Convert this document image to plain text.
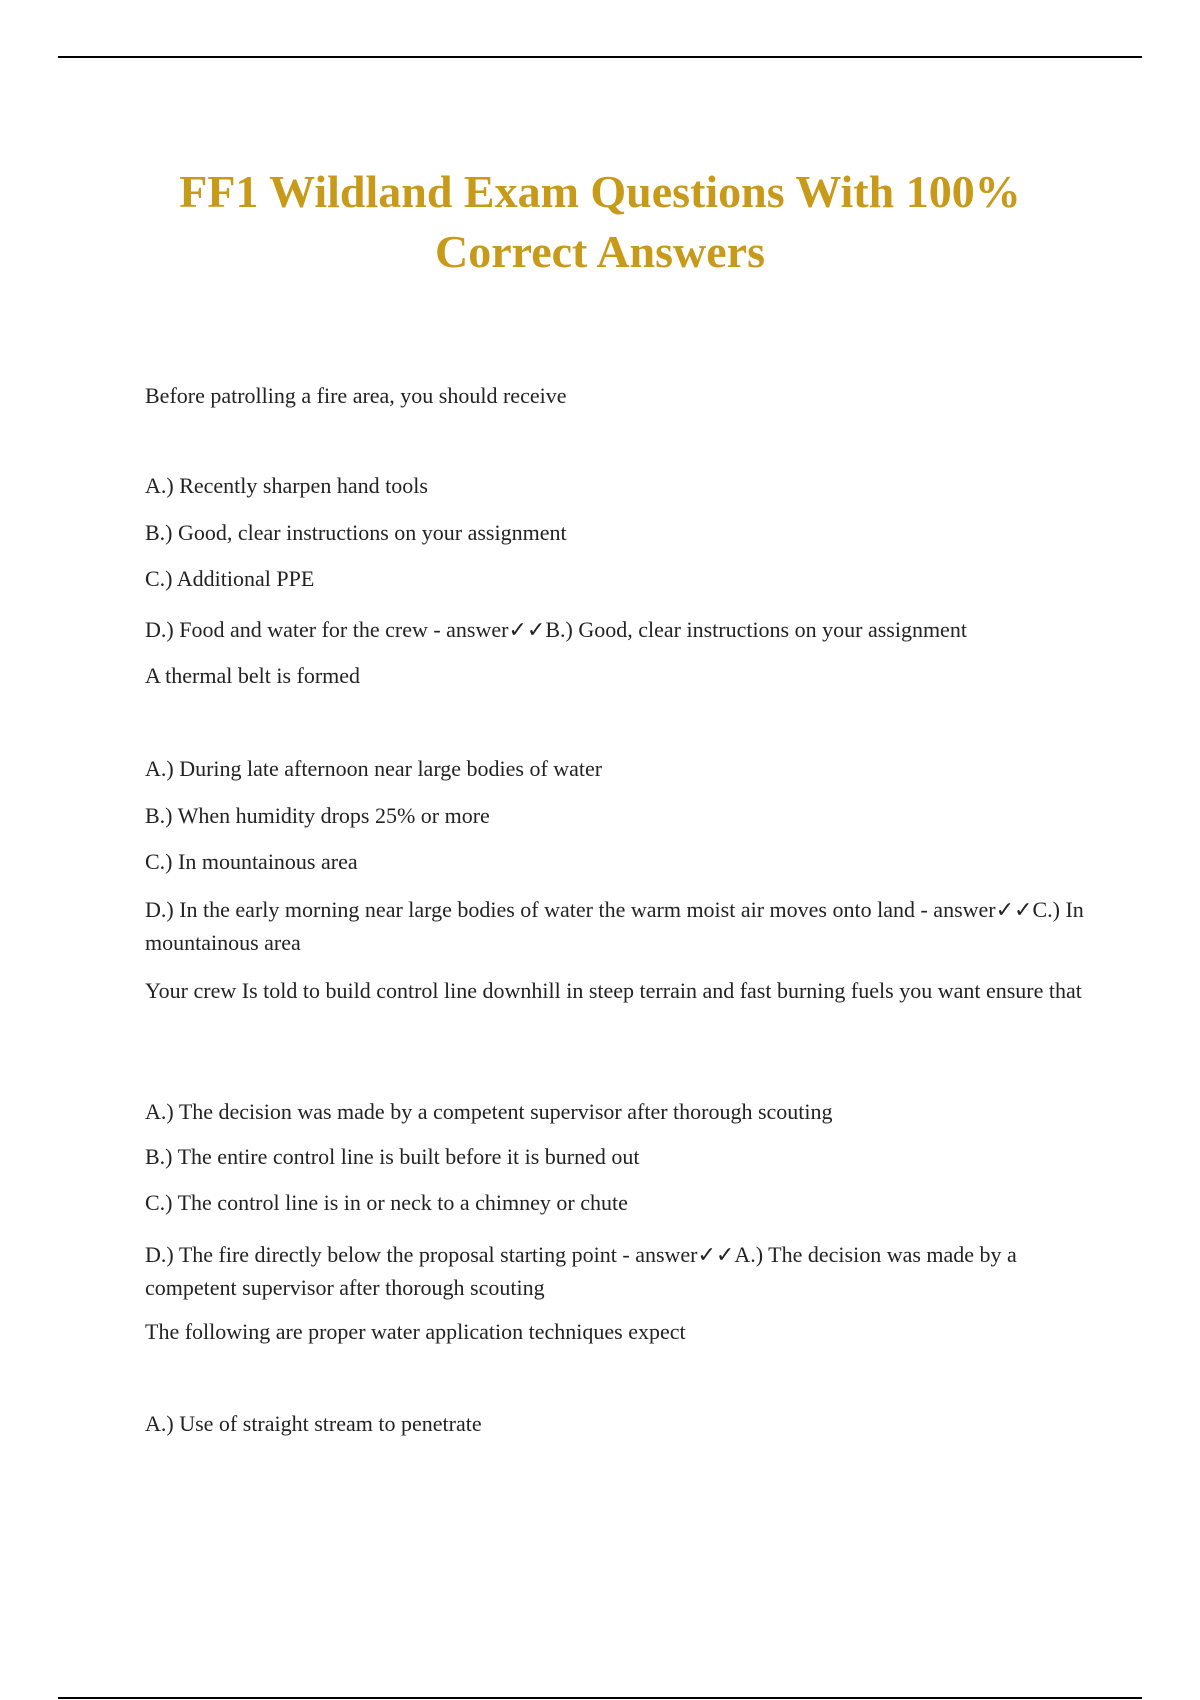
FF1 Wildland Exam Questions With 100%
Correct Answers
Before patrolling a fire area, you should receive
A.) Recently sharpen hand tools
B.) Good, clear instructions on your assignment
C.) Additional PPE
D.) Food and water for the crew - answer✓✓B.) Good, clear instructions on your assignment
A thermal belt is formed
A.) During late afternoon near large bodies of water
B.) When humidity drops 25% or more
C.) In mountainous area
D.) In the early morning near large bodies of water the warm moist air moves onto land - answer✓✓C.) In mountainous area
Your crew Is told to build control line downhill in steep terrain and fast burning fuels you want ensure that
A.) The decision was made by a competent supervisor after thorough scouting
B.) The entire control line is built before it is burned out
C.) The control line is in or neck to a chimney or chute
D.) The fire directly below the proposal starting point - answer✓✓A.) The decision was made by a competent supervisor after thorough scouting
The following are proper water application techniques expect
A.) Use of straight stream to penetrate
